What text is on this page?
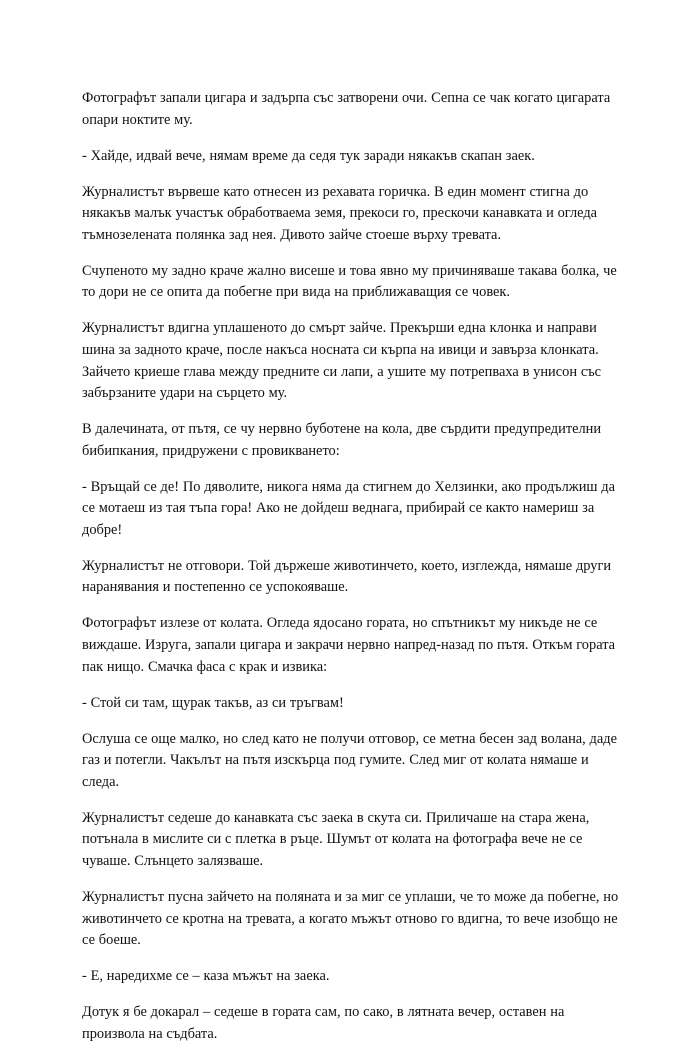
Фотографът запали цигара и задърпа със затворени очи. Сепна се чак когато цигарата опари ноктите му.

- Хайде, идвай вече, нямам време да седя тук заради някакъв скапан заек.

Журналистът вървеше като отнесен из рехавата горичка. В един момент стигна до някакъв малък участък обработваема земя, прекоси го, прескочи канавката и огледа тъмнозелената полянка зад нея. Дивото зайче стоеше върху тревата.

Счупеното му задно краче жално висеше и това явно му причиняваше такава болка, че то дори не се опита да побегне при вида на приближаващия се човек.

Журналистът вдигна уплашеното до смърт зайче. Прекърши една клонка и направи шина за задното краче, после накъса носната си кърпа на ивици и завърза клонката. Зайчето криеше глава между предните си лапи, а ушите му потрепваха в унисон със забързаните удари на сърцето му.

В далечината, от пътя, се чу нервно буботене на кола, две сърдити предупредителни бибипкания, придружени с провикването:

- Връщай се де! По дяволите, никога няма да стигнем до Хелзинки, ако продължиш да се мотаеш из тая тъпа гора! Ако не дойдеш веднага, прибирай се както намериш за добре!

Журналистът не отговори. Той държеше животинчето, което, изглежда, нямаше други наранявания и постепенно се успокояваше.

Фотографът излезе от колата. Огледа ядосано гората, но спътникът му никъде не се виждаше. Изруга, запали цигара и закрачи нервно напред-назад по пътя. Откъм гората пак нищо. Смачка фаса с крак и извика:

- Стой си там, щурак такъв, аз си тръгвам!

Ослуша се още малко, но след като не получи отговор, се метна бесен зад волана, даде газ и потегли. Чакълът на пътя изскърца под гумите. След миг от колата нямаше и следа.

Журналистът седеше до канавката със заека в скута си. Приличаше на стара жена, потънала в мислите си с плетка в ръце. Шумът от колата на фотографа вече не се чуваше. Слънцето залязваше.

Журналистът пусна зайчето на поляната и за миг се уплаши, че то може да побегне, но животинчето се кротна на тревата, а когато мъжът отново го вдигна, то вече изобщо не се боеше.

- Е, наредихме се – каза мъжът на заека.

Дотук я бе докарал – седеше в гората сам, по сако, в лятната вечер, оставен на произвола на съдбата.
